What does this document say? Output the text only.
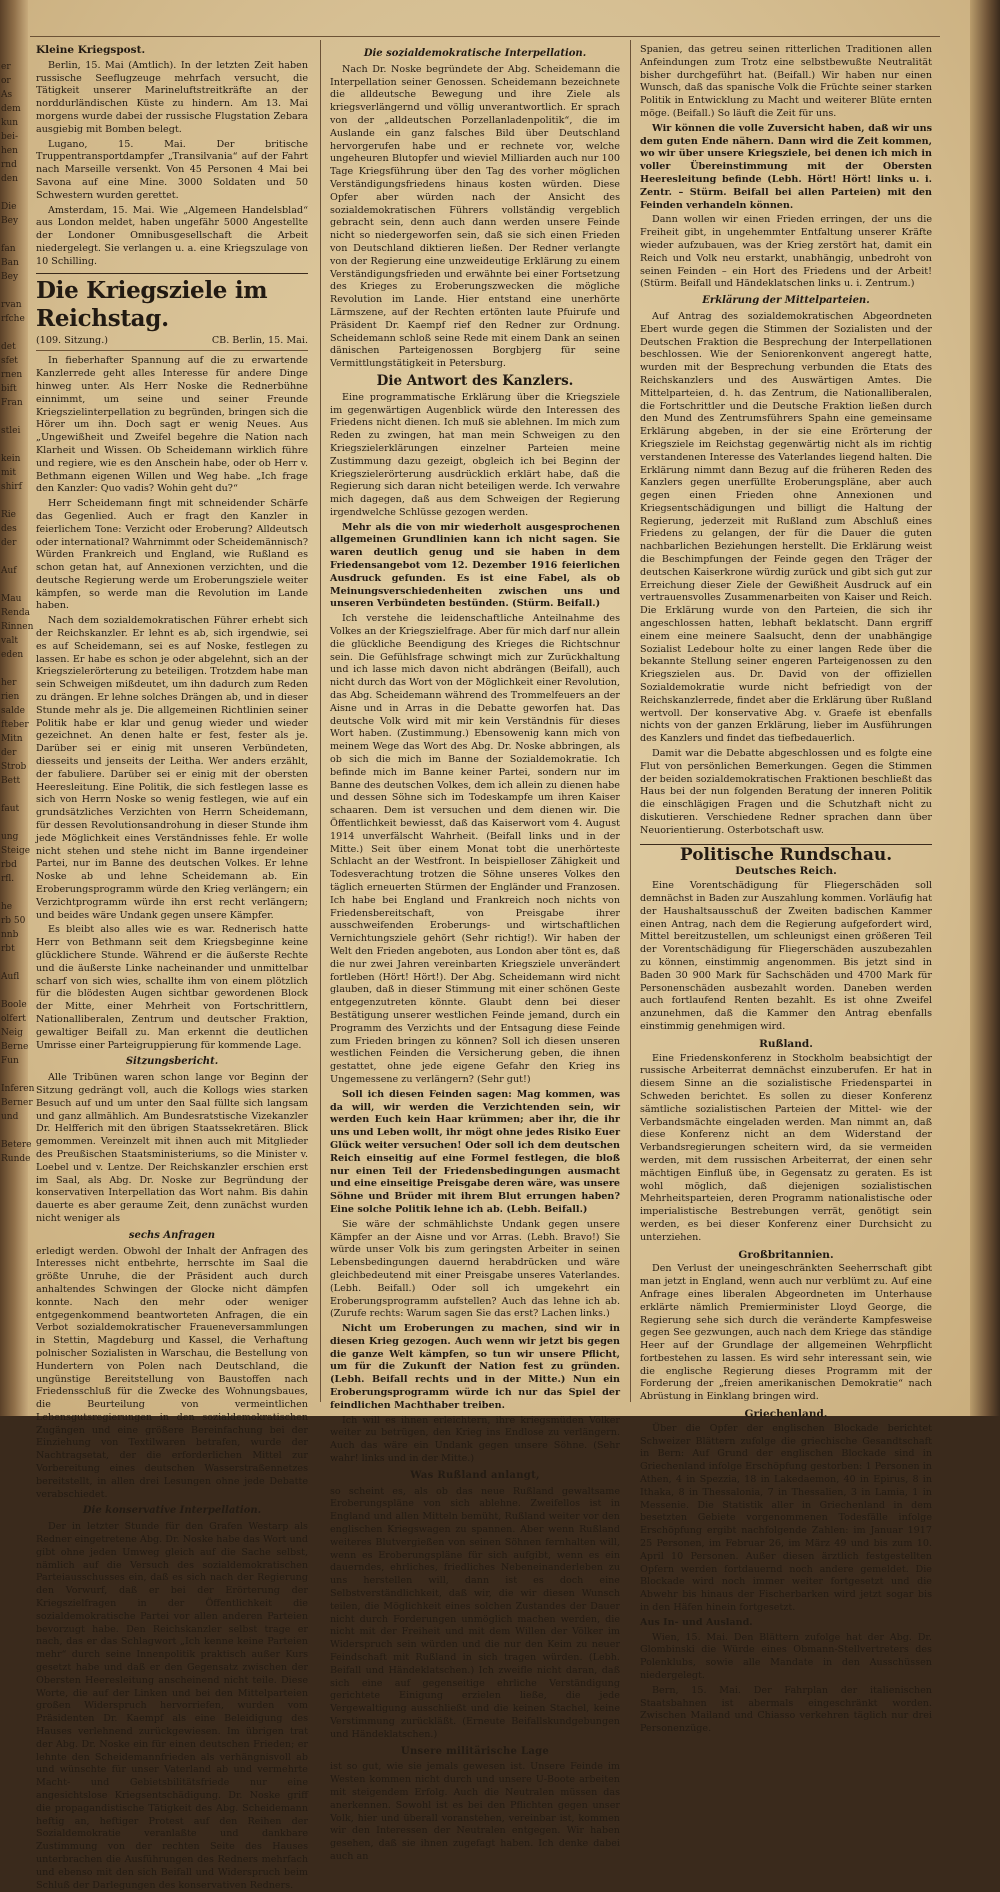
er
or
As
dem
kun
bei-
hen
rnd
den

Die
Bey

fan
Ban
Bey

rvan
rfche

det
sfet
rnen
bift
Fran

stlei

kein
mit
shirf

Rie
des
der

Auf

Mau
Renda
Rinnen
valt
eden

her
rien
salde
fteber
Mitn
der
Strob
Bett

faut

ung
Steige
rbd
rfl.

he
rb 50
nnb
rbt

Aufl

Boole
olfert
Neig
Berne
Fun

Inferen
Berner
und

Betere
Runde

Kleine Kriegspost.

Berlin, 15. Mai (Amtlich). In der letzten Zeit haben russische Seeflugzeuge mehrfach versucht, die Tätigkeit unserer Marineluftstreitkräfte an der norddurländischen Küste zu hindern. Am 13. Mai morgens wurde dabei der russische Flugstation Zebara ausgiebig mit Bomben belegt.

Lugano, 15. Mai. Der britische Truppentransportdampfer „Transilvania“ auf der Fahrt nach Marseille versenkt. Von 45 Personen 4 Mai bei Savona auf eine Mine. 3000 Soldaten und 50 Schwestern wurden gerettet.

Amsterdam, 15. Mai. Wie „Algemeen Handelsblad“ aus London meldet, haben ungefähr 5000 Angestellte der Londoner Omnibusgesellschaft die Arbeit niedergelegt. Sie verlangen u. a. eine Kriegszulage von 10 Schilling.

Die Kriegsziele im Reichstag.
(109. Sitzung.)	CB. Berlin, 15. Mai.

In fieberhafter Spannung auf die zu erwartende Kanzlerrede geht alles Interesse für andere Dinge hinweg unter. Als Herr Noske die Rednerbühne einnimmt, um seine und seiner Freunde Kriegszielinterpellation zu begründen, bringen sich die Hörer um ihn. Doch sagt er wenig Neues. Aus „Ungewißheit und Zweifel begehre die Nation nach Klarheit und Wissen. Ob Scheidemann wirklich führe und regiere, wie es den Anschein habe, oder ob Herr v. Bethmann eigenen Willen und Weg habe. „Ich frage den Kanzler: Quo vadis? Wohin geht du?“

Herr Scheidemann fingt mit schneidender Schärfe das Gegenlied. Auch er fragt den Kanzler in feierlichem Tone: Verzicht oder Eroberung? Alldeutsch oder international? Wahrnimmt oder Scheidemännisch? Würden Frankreich und England, wie Rußland es schon getan hat, auf Annexionen verzichten, und die deutsche Regierung werde um Eroberungsziele weiter kämpfen, so werde man die Revolution im Lande haben.

Nach dem sozialdemokratischen Führer erhebt sich der Reichskanzler. Er lehnt es ab, sich irgendwie, sei es auf Scheidemann, sei es auf Noske, festlegen zu lassen. Er habe es schon je oder abgelehnt, sich an der Kriegszielerörterung zu beteiligen. Trotzdem habe man sein Schweigen mißdeutet, um ihn dadurch zum Reden zu drängen. Er lehne solches Drängen ab, und in dieser Stunde mehr als je. Die allgemeinen Richtlinien seiner Politik habe er klar und genug wieder und wieder gezeichnet. An denen halte er fest, fester als je. Darüber sei er einig mit unseren Verbündeten, diesseits und jenseits der Leitha. Wer anders erzählt, der fabuliere. Darüber sei er einig mit der obersten Heeresleitung. Eine Politik, die sich festlegen lasse es sich von Herrn Noske so wenig festlegen, wie auf ein grundsätzliches Verzichten von Herrn Scheidemann, für dessen Revolutionsandrohung in dieser Stunde ihm jede Möglichkeit eines Verständnisses fehle. Er wolle nicht stehen und stehe nicht im Banne irgendeiner Partei, nur im Banne des deutschen Volkes. Er lehne Noske ab und lehne Scheidemann ab. Ein Eroberungsprogramm würde den Krieg verlängern; ein Verzichtprogramm würde ihn erst recht verlängern; und beides wäre Undank gegen unsere Kämpfer.

Es bleibt also alles wie es war. Rednerisch hatte Herr von Bethmann seit dem Kriegsbeginne keine glücklichere Stunde. Während er die äußerste Rechte und die äußerste Linke nacheinander und unmittelbar scharf von sich wies, schallte ihm von einem plötzlich für die blödesten Augen sichtbar gewordenen Block der Mitte, einer Mehrheit von Fortschrittlern, Nationalliberalen, Zentrum und deutscher Fraktion, gewaltiger Beifall zu. Man erkennt die deutlichen Umrisse einer Parteigruppierung für kommende Lage.

Sitzungsbericht.

Alle Tribünen waren schon lange vor Beginn der Sitzung gedrängt voll, auch die Kollogs wies starken Besuch auf und um unter den Saal füllte sich langsam und ganz allmählich. Am Bundesratstische Vizekanzler Dr. Helfferich mit den übrigen Staatssekretären. Blick gemommen. Vereinzelt mit ihnen auch mit Mitglieder des Preußischen Staatsministeriums, so die Minister v. Loebel und v. Lentze. Der Reichskanzler erschien erst im Saal, als Abg. Dr. Noske zur Begründung der konservativen Interpellation das Wort nahm. Bis dahin dauerte es aber geraume Zeit, denn zunächst wurden nicht weniger als

sechs Anfragen

erledigt werden. Obwohl der Inhalt der Anfragen des Interesses nicht entbehrte, herrschte im Saal die größte Unruhe, die der Präsident auch durch anhaltendes Schwingen der Glocke nicht dämpfen konnte. Nach den mehr oder weniger entgegenkommend beantworteten Anfragen, die ein Verbot sozialdemokratischer Fraueneversammlungen in Stettin, Magdeburg und Kassel, die Verhaftung polnischer Sozialisten in Warschau, die Bestellung von Hundertern von Polen nach Deutschland, die ungünstige Bereitstellung von Baustoffen nach Friedensschluß für die Zwecke des Wohnungsbaues, die Beurteilung von vermeintlichen Lebensgutsregierungen in den sozialdemokratischen Zugängen und eine größere Bereinfachung bei der Einziehung von Textilwaren betrafen, wurde der Nachtragsetat, der die erforderlichen Mittel zur Vorbereitung eines deutschen Wasserstraßennetzes bereitstellt, in allen drei Lesungen ohne jede Debatte verabschiedet.

Die konservative Interpellation.

Der in letzter Stunde für den Grafen Westarp als Redner eingetretene Abg. Dr. Noske habe das Wort und gibt ohne jeden Umweg gleich auf die Sache selbst, nämlich auf die Versuch des sozialdemokratischen Parteiausschusses ein, daß es sich nach der Regierung den Vorwurf, daß er bei der Erörterung der Kriegszielfragen in der Öffentlichkeit die sozialdemokratische Partei vor allen anderen Parteien bevorzugt habe. Den Reichskanzler selbst trage er nach, das er das Schlagwort „Ich kenne keine Parteien mehr“ durch seine Innenpolitik praktisch außer Kurs gesetzt habe und daß er den Gegensatz zwischen der Obersten Heeresleitung anscheinend nicht teile. Diese Worte, die auf der Linken und bei den Mittelparteien großen Widerspruch hervorriefen, wurden vom Präsidenten Dr. Kaempf als eine Beleidigung des Hauses verlehnend zurückgewiesen. Im übrigen trat der Abg. Dr. Noske ein für einen deutschen Frieden; er lehnte den Scheidemannfrieden als verhängnisvoll ab und wünschte für unser Vaterland ab und vermehrte Macht- und Gebietsbilitätsfriede nur eine angesichtslose Kriegsentschädigung. Dr. Noske griff die propagandistische Tätigkeit des Abg. Scheidemann heftig an, heftiger Protest auf den Reihen der Sozialdemokratie veranlaßte und dankbare Zustimmung von der rechten Seite des Hauses unterbrachen die Ausführungen des Redners mehrfach und ebenso mit den sich Beifall und Widerspruch beim Schluß der Darlegungen des konservativen Redners.

Die sozialdemokratische Interpellation.

Nach Dr. Noske begründete der Abg. Scheidemann die Interpellation seiner Genossen. Scheidemann bezeichnete die alldeutsche Bewegung und ihre Ziele als kriegsverlängernd und völlig unverantwortlich. Er sprach von der „alldeutschen Porzellanladenpolitik“, die im Auslande ein ganz falsches Bild über Deutschland hervorgerufen habe und er rechnete vor, welche ungeheuren Blutopfer und wieviel Milliarden auch nur 100 Tage Kriegsführung über den Tag des vorher möglichen Verständigungsfriedens hinaus kosten würden. Diese Opfer aber würden nach der Ansicht des sozialdemokratischen Führers vollständig vergeblich gebracht sein, denn auch dann werden unsere Feinde nicht so niedergeworfen sein, daß sie sich einen Frieden von Deutschland diktieren ließen. Der Redner verlangte von der Regierung eine unzweideutige Erklärung zu einem Verständigungsfrieden und erwähnte bei einer Fortsetzung des Krieges zu Eroberungszwecken die mögliche Revolution im Lande. Hier entstand eine unerhörte Lärmszene, auf der Rechten ertönten laute Pfuirufe und Präsident Dr. Kaempf rief den Redner zur Ordnung. Scheidemann schloß seine Rede mit einem Dank an seinen dänischen Parteigenossen Borgbjerg für seine Vermittlungstätigkeit in Petersburg.

Die Antwort des Kanzlers.

Eine programmatische Erklärung über die Kriegsziele im gegenwärtigen Augenblick würde den Interessen des Friedens nicht dienen. Ich muß sie ablehnen. Im mich zum Reden zu zwingen, hat man mein Schweigen zu den Kriegszielerklärungen einzelner Parteien meine Zustimmung dazu gezeigt, obgleich ich bei Beginn der Kriegszielerörterung ausdrücklich erklärt habe, daß die Regierung sich daran nicht beteiligen werde. Ich verwahre mich dagegen, daß aus dem Schweigen der Regierung irgendwelche Schlüsse gezogen werden.

Mehr als die von mir wiederholt ausgesprochenen allgemeinen Grundlinien kann ich nicht sagen. Sie waren deutlich genug und sie haben in dem Friedensangebot vom 12. Dezember 1916 feierlichen Ausdruck gefunden. Es ist eine Fabel, als ob Meinungsverschiedenheiten zwischen uns und unseren Verbündeten bestünden. (Stürm. Beifall.)

Ich verstehe die leidenschaftliche Anteilnahme des Volkes an der Kriegszielfrage. Aber für mich darf nur allein die glückliche Beendigung des Krieges die Richtschnur sein. Die Gefühlsfrage schwingt mich zur Zurückhaltung und ich lasse mich davon nicht abdrängen (Beifall), auch nicht durch das Wort von der Möglichkeit einer Revolution, das Abg. Scheidemann während des Trommelfeuers an der Aisne und in Arras in die Debatte geworfen hat. Das deutsche Volk wird mit mir kein Verständnis für dieses Wort haben. (Zustimmung.) Ebensowenig kann mich von meinem Wege das Wort des Abg. Dr. Noske abbringen, als ob sich die mich im Banne der Sozialdemokratie. Ich befinde mich im Banne keiner Partei, sondern nur im Banne des deutschen Volkes, dem ich allein zu dienen habe und dessen Söhne sich im Todeskampfe um ihren Kaiser schaaren. Dem ist versuchen und dem dienen wir. Die Öffentlichkeit bewiesst, daß das Kaiserwort vom 4. August 1914 unverfälscht Wahrheit. (Beifall links und in der Mitte.) Seit über einem Monat tobt die unerhörteste Schlacht an der Westfront. In beispielloser Zähigkeit und Todesverachtung trotzen die Söhne unseres Volkes den täglich erneuerten Stürmen der Engländer und Franzosen. Ich habe bei England und Frankreich noch nichts von Friedensbereitschaft, von Preisgabe ihrer ausschweifenden Eroberungs- und wirtschaftlichen Vernichtungsziele gehört (Sehr richtig!). Wir haben der Welt den Frieden angeboten, aus London aber tönt es, daß die nur zwei Jahren vereinbarten Kriegsziele unverändert fortleben (Hört! Hört!). Der Abg. Scheidemann wird nicht glauben, daß in dieser Stimmung mit einer schönen Geste entgegenzutreten könnte. Glaubt denn bei dieser Bestätigung unserer westlichen Feinde jemand, durch ein Programm des Verzichts und der Entsagung diese Feinde zum Frieden bringen zu können? Soll ich diesen unseren westlichen Feinden die Versicherung geben, die ihnen gestattet, ohne jede eigene Gefahr den Krieg ins Ungemessene zu verlängern? (Sehr gut!)

Soll ich diesen Feinden sagen: Mag kommen, was da will, wir werden die Verzichtenden sein, wir werden Euch kein Haar krümmen; aber ihr, die ihr uns und Leben wollt, ihr mögt ohne jedes Risiko Euer Glück weiter versuchen! Oder soll ich dem deutschen Reich einseitig auf eine Formel festlegen, die bloß nur einen Teil der Friedensbedingungen ausmacht und eine einseitige Preisgabe deren wäre, was unsere Söhne und Brüder mit ihrem Blut errungen haben? Eine solche Politik lehne ich ab. (Lebh. Beifall.)

Sie wäre der schmählichste Undank gegen unsere Kämpfer an der Aisne und vor Arras. (Lebh. Bravo!) Sie würde unser Volk bis zum geringsten Arbeiter in seinen Lebensbedingungen dauernd herabdrücken und wäre gleichbedeutend mit einer Preisgabe unseres Vaterlandes. (Lebh. Beifall.) Oder soll ich umgekehrt ein Eroberungsprogramm aufstellen? Auch das lehne ich ab. (Zurufe rechts: Warum sagen Sie das erst? Lachen links.)

Nicht um Eroberungen zu machen, sind wir in diesen Krieg gezogen. Auch wenn wir jetzt bis gegen die ganze Welt kämpfen, so tun wir unsere Pflicht, um für die Zukunft der Nation fest zu gründen. (Lebh. Beifall rechts und in der Mitte.) Nun ein Eroberungsprogramm würde ich nur das Spiel der feindlichen Machthaber treiben.

Ich will es ihnen erleichtern, ihre kriegsmüden Völker weiter zu betrügen, den Krieg ins Endlose zu verlängern. Auch das wäre ein Undank gegen unsere Söhne. (Sehr wahr! links und in der Mitte.)

Was Rußland anlangt,

so scheint es, als ob das neue Rußland gewaltsame Eroberungspläne von sich ablehne. Zweifellos ist in England und allen Mitteln bemüht, Rußland weiter vor den englischen Kriegswagen zu spannen. Aber wenn Rußland weiteres Blutvergießen von seinen Söhnen fernhalten will, wenn es Eroberungspläne für sich aufgibt, wenn es ein dauerndes, ehrliches, friedliches Nebeneinanderleben zu uns herstellen will, dann ist es doch eine Selbstverständlichkeit, daß wir, die wir diesen Wunsch teilen, die Möglichkeit eines solchen Zustandes der Dauer nicht durch Forderungen unmöglich machen werden, die nicht mit der Freiheit und mit dem Willen der Völker im Widerspruch sein würden und die nur den Keim zu neuer Feindschaft mit Rußland in sich tragen würden. (Lebh. Beifall und Händeklatschen.) Ich zweifle nicht daran, daß sich eine auf gegenseitige ehrliche Verständigung gerichtete Einigung erzielen ließe, die jede Vergewaltigung ausschließt und die keinen Stachel, keine Verstimmung zurückläßt. (Erneute Beifallskundgebungen und Händeklatschen.)

Unsere militärische Lage

ist so gut, wie sie jemals gewesen ist. Unsere Feinde im Westen kommen nicht durch und unsere U-Boote arbeiten mit steigendem Erfolg. Auch die Neutralen müssen das anerkennen. Sowohl ist es bei den Pflichten gegen unser Volk, hier und überall voranstehen, vereinbar ist, kommen wir den Interessen der Neutralen entgegen. Wir haben gesehen, daß sie ihnen zugefagt haben. Ich denke dabei auch an

Spanien, das getreu seinen ritterlichen Traditionen allen Anfeindungen zum Trotz eine selbstbewußte Neutralität bisher durchgeführt hat. (Beifall.) Wir haben nur einen Wunsch, daß das spanische Volk die Früchte seiner starken Politik in Entwicklung zu Macht und weiterer Blüte ernten möge. (Beifall.) So läuft die Zeit für uns.

Wir können die volle Zuversicht haben, daß wir uns dem guten Ende nähern. Dann wird die Zeit kommen, wo wir über unsere Kriegsziele, bei denen ich mich in voller Übereinstimmung mit der Obersten Heeresleitung befinde (Lebh. Hört! Hört! links u. i. Zentr. – Stürm. Beifall bei allen Parteien) mit den Feinden verhandeln können.

Dann wollen wir einen Frieden erringen, der uns die Freiheit gibt, in ungehemmter Entfaltung unserer Kräfte wieder aufzubauen, was der Krieg zerstört hat, damit ein Reich und Volk neu erstarkt, unabhängig, unbedroht von seinen Feinden – ein Hort des Friedens und der Arbeit! (Stürm. Beifall und Händeklatschen links u. i. Zentrum.)

Erklärung der Mittelparteien.

Auf Antrag des sozialdemokratischen Abgeordneten Ebert wurde gegen die Stimmen der Sozialisten und der Deutschen Fraktion die Besprechung der Interpellationen beschlossen. Wie der Seniorenkonvent angeregt hatte, wurden mit der Besprechung verbunden die Etats des Reichskanzlers und des Auswärtigen Amtes. Die Mittelparteien, d. h. das Zentrum, die Nationalliberalen, die Fortschrittler und die Deutsche Fraktion ließen durch den Mund des Zentrumsführers Spahn eine gemeinsame Erklärung abgeben, in der sie eine Erörterung der Kriegsziele im Reichstag gegenwärtig nicht als im richtig verstandenen Interesse des Vaterlandes liegend halten. Die Erklärung nimmt dann Bezug auf die früheren Reden des Kanzlers gegen unerfüllte Eroberungspläne, aber auch gegen einen Frieden ohne Annexionen und Kriegsentschädigungen und billigt die Haltung der Regierung, jederzeit mit Rußland zum Abschluß eines Friedens zu gelangen, der für die Dauer die guten nachbarlichen Beziehungen herstellt. Die Erklärung weist die Beschimpfungen der Feinde gegen den Träger der deutschen Kaiserkrone würdig zurück und gibt sich gut zur Erreichung dieser Ziele der Gewißheit Ausdruck auf ein vertrauensvolles Zusammenarbeiten von Kaiser und Reich. Die Erklärung wurde von den Parteien, die sich ihr angeschlossen hatten, lebhaft beklatscht. Dann ergriff einem eine meinere Saalsucht, denn der unabhängige Sozialist Ledebour holte zu einer langen Rede über die bekannte Stellung seiner engeren Parteigenossen zu den Kriegszielen aus. Dr. David von der offiziellen Sozialdemokratie wurde nicht befriedigt von der Reichskanzlerrede, findet aber die Erklärung über Rußland wertvoll. Der konservative Abg. v. Graefe ist ebenfalls nichts von der ganzen Erklärung, lieber im Ausführungen des Kanzlers und findet das tiefbedauerlich.

Damit war die Debatte abgeschlossen und es folgte eine Flut von persönlichen Bemerkungen. Gegen die Stimmen der beiden sozialdemokratischen Fraktionen beschließt das Haus bei der nun folgenden Beratung der inneren Politik die einschlägigen Fragen und die Schutzhaft nicht zu diskutieren. Verschiedene Redner sprachen dann über Neuorientierung. Osterbotschaft usw.

Politische Rundschau.
Deutsches Reich.

Eine Vorentschädigung für Fliegerschäden soll demnächst in Baden zur Auszahlung kommen. Vorläufig hat der Haushaltsausschuß der Zweiten badischen Kammer einen Antrag, nach dem die Regierung aufgefordert wird, Mittel bereitzustellen, um schleunigst einen größeren Teil der Vorentschädigung für Fliegerschäden auszubezahlen zu können, einstimmig angenommen. Bis jetzt sind in Baden 30 900 Mark für Sachschäden und 4700 Mark für Personenschäden ausbezahlt worden. Daneben werden auch fortlaufend Renten bezahlt. Es ist ohne Zweifel anzunehmen, daß die Kammer den Antrag ebenfalls einstimmig genehmigen wird.

Rußland.

Eine Friedenskonferenz in Stockholm beabsichtigt der russische Arbeiterrat demnächst einzuberufen. Er hat in diesem Sinne an die sozialistische Friedenspartei in Schweden berichtet. Es sollen zu dieser Konferenz sämtliche sozialistischen Parteien der Mittel- wie der Verbandsmächte eingeladen werden. Man nimmt an, daß diese Konferenz nicht an dem Widerstand der Verbandsregierungen scheitern wird, da sie vermeiden werden, mit dem russischen Arbeiterrat, der einen sehr mächtigen Einfluß übe, in Gegensatz zu geraten. Es ist wohl möglich, daß diejenigen sozialistischen Mehrheitsparteien, deren Programm nationalistische oder imperialistische Bestrebungen verrät, genötigt sein werden, es bei dieser Konferenz einer Durchsicht zu unterziehen.

Großbritannien.

Den Verlust der uneingeschränkten Seeherrschaft gibt man jetzt in England, wenn auch nur verblümt zu. Auf eine Anfrage eines liberalen Abgeordneten im Unterhause erklärte nämlich Premierminister Lloyd George, die Regierung sehe sich durch die veränderte Kampfesweise gegen See gezwungen, auch nach dem Kriege das ständige Heer auf der Grundlage der allgemeinen Wehrpflicht fortbestehen zu lassen. Es wird sehr interessant sein, wie die englische Regierung dieses Programm mit der Forderung der „freien amerikanischen Demokratie“ nach Abrüstung in Einklang bringen wird.

Griechenland.

Über die Opfer der englischen Blockade berichtet Schweizer Blättern zufolge die griechische Gesandtschaft in Bern: Auf Grund der englischen Blockade sind in Griechenland infolge Erschöpfung gestorben: 1 Personen in Athen, 4 in Spezzia, 18 in Lakedaemon, 40 in Epirus, 8 in Ithaka, 8 in Thessalonia, 7 in Thessalien, 3 in Lamia, 1 in Messenie. Die Statistik aller in Griechenland in dem besetzten Gebiete vorgenommenen Todesfälle infolge Erschöpfung ergibt nachfolgende Zahlen: im Januar 1917 25 Personen, im Februar 26, im März 49 und bis zum 10. April 10 Personen. Außer diesen ärztlich festgestellten Opfern werden fortdauernd noch andere gemeldet. Die Blockade wird noch immer weiter fortgesetzt und die Abwehr bis hinaus der Fischerbarken wird jetzt sogar bis in den Häfen hinein fortgesetzt.

Aus In- und Ausland.

Wien, 15. Mai. Den Blättern zufolge hat der Abg. Dr. Glombinski die Würde eines Obmann-Stellvertreters des Polenklubs, sowie alle Mandate in den Ausschüssen niedergelegt.

Bern, 15. Mai. Der Fahrplan der italienischen Staatsbahnen ist abermals eingeschränkt worden. Zwischen Mailand und Chiasso verkehren täglich nur drei Personenzüge.
